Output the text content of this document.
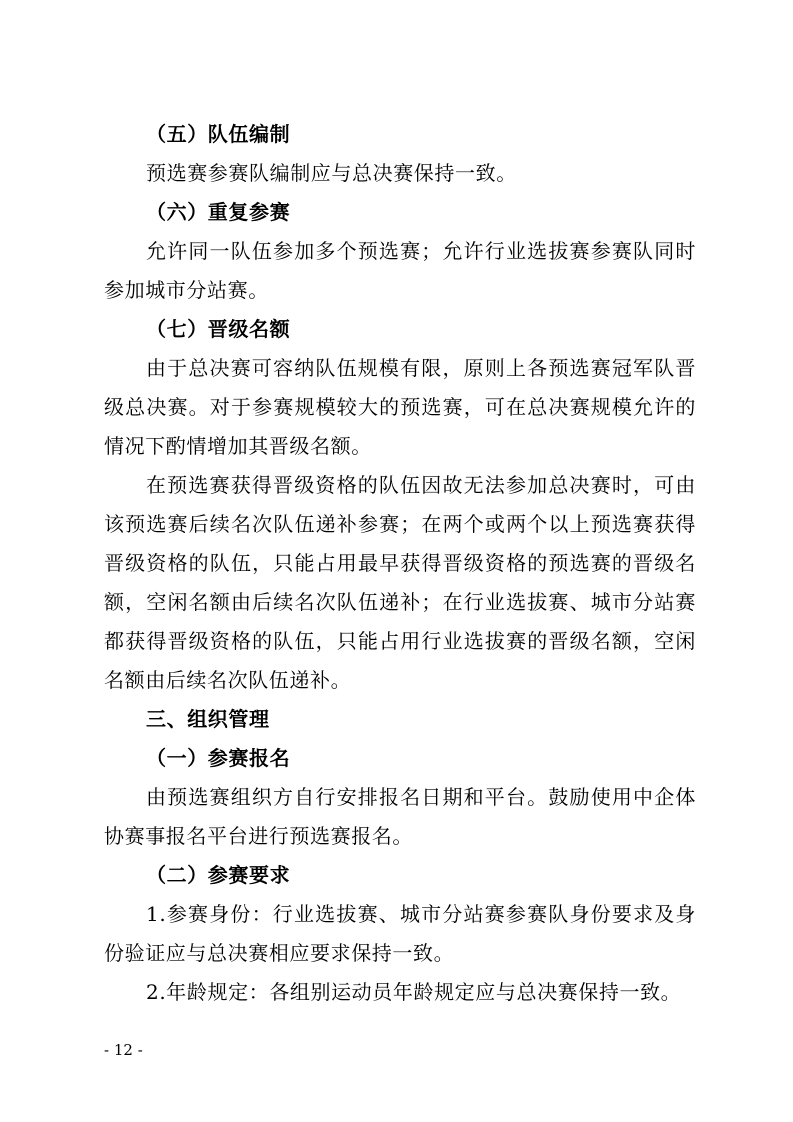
（五）队伍编制
预选赛参赛队编制应与总决赛保持一致。
（六）重复参赛
允许同一队伍参加多个预选赛；允许行业选拔赛参赛队同时
参加城市分站赛。
（七）晋级名额
由于总决赛可容纳队伍规模有限，原则上各预选赛冠军队晋
级总决赛。对于参赛规模较大的预选赛，可在总决赛规模允许的
情况下酌情增加其晋级名额。
在预选赛获得晋级资格的队伍因故无法参加总决赛时，可由
该预选赛后续名次队伍递补参赛；在两个或两个以上预选赛获得
晋级资格的队伍，只能占用最早获得晋级资格的预选赛的晋级名
额，空闲名额由后续名次队伍递补；在行业选拔赛、城市分站赛
都获得晋级资格的队伍，只能占用行业选拔赛的晋级名额，空闲
名额由后续名次队伍递补。
三、组织管理
（一）参赛报名
由预选赛组织方自行安排报名日期和平台。鼓励使用中企体
协赛事报名平台进行预选赛报名。
（二）参赛要求
1.参赛身份：行业选拔赛、城市分站赛参赛队身份要求及身
份验证应与总决赛相应要求保持一致。
2.年龄规定：各组别运动员年龄规定应与总决赛保持一致。
- 12 -
